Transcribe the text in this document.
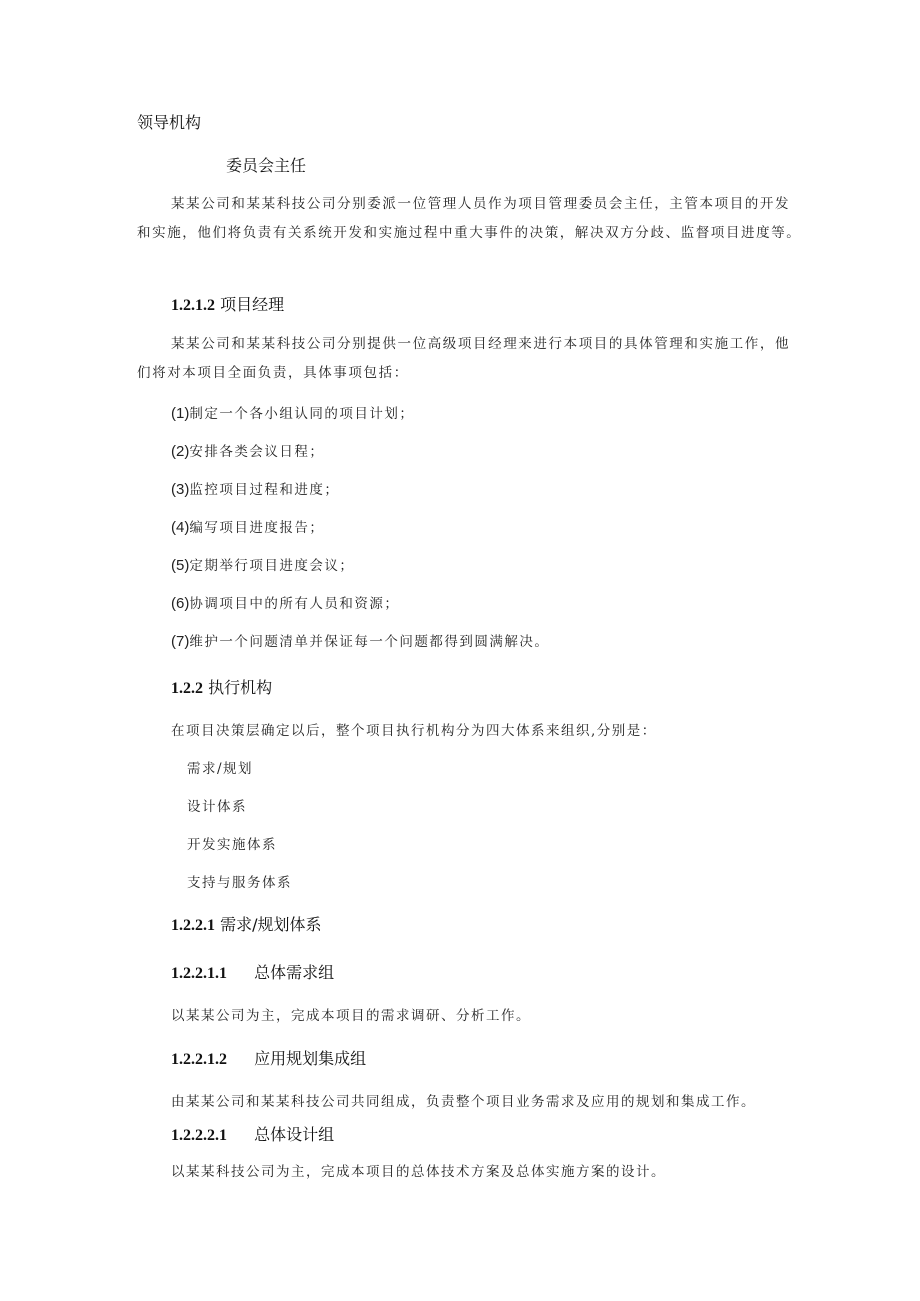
领导机构
委员会主任
某某公司和某某科技公司分别委派一位管理人员作为项目管理委员会主任，主管本项目的开发和实施，他们将负责有关系统开发和实施过程中重大事件的决策，解决双方分歧、监督项目进度等。
1.2.1.2 项目经理
某某公司和某某科技公司分别提供一位高级项目经理来进行本项目的具体管理和实施工作，他们将对本项目全面负责，具体事项包括：
(1)制定一个各小组认同的项目计划；
(2)安排各类会议日程；
(3)监控项目过程和进度；
(4)编写项目进度报告；
(5)定期举行项目进度会议；
(6)协调项目中的所有人员和资源；
(7)维护一个问题清单并保证每一个问题都得到圆满解决。
1.2.2 执行机构
在项目决策层确定以后，整个项目执行机构分为四大体系来组织,分别是：
需求/规划
设计体系
开发实施体系
支持与服务体系
1.2.2.1 需求/规划体系
1.2.2.1.1 总体需求组
以某某公司为主，完成本项目的需求调研、分析工作。
1.2.2.1.2 应用规划集成组
由某某公司和某某科技公司共同组成，负责整个项目业务需求及应用的规划和集成工作。
1.2.2.2.1 总体设计组
以某某科技公司为主，完成本项目的总体技术方案及总体实施方案的设计。
